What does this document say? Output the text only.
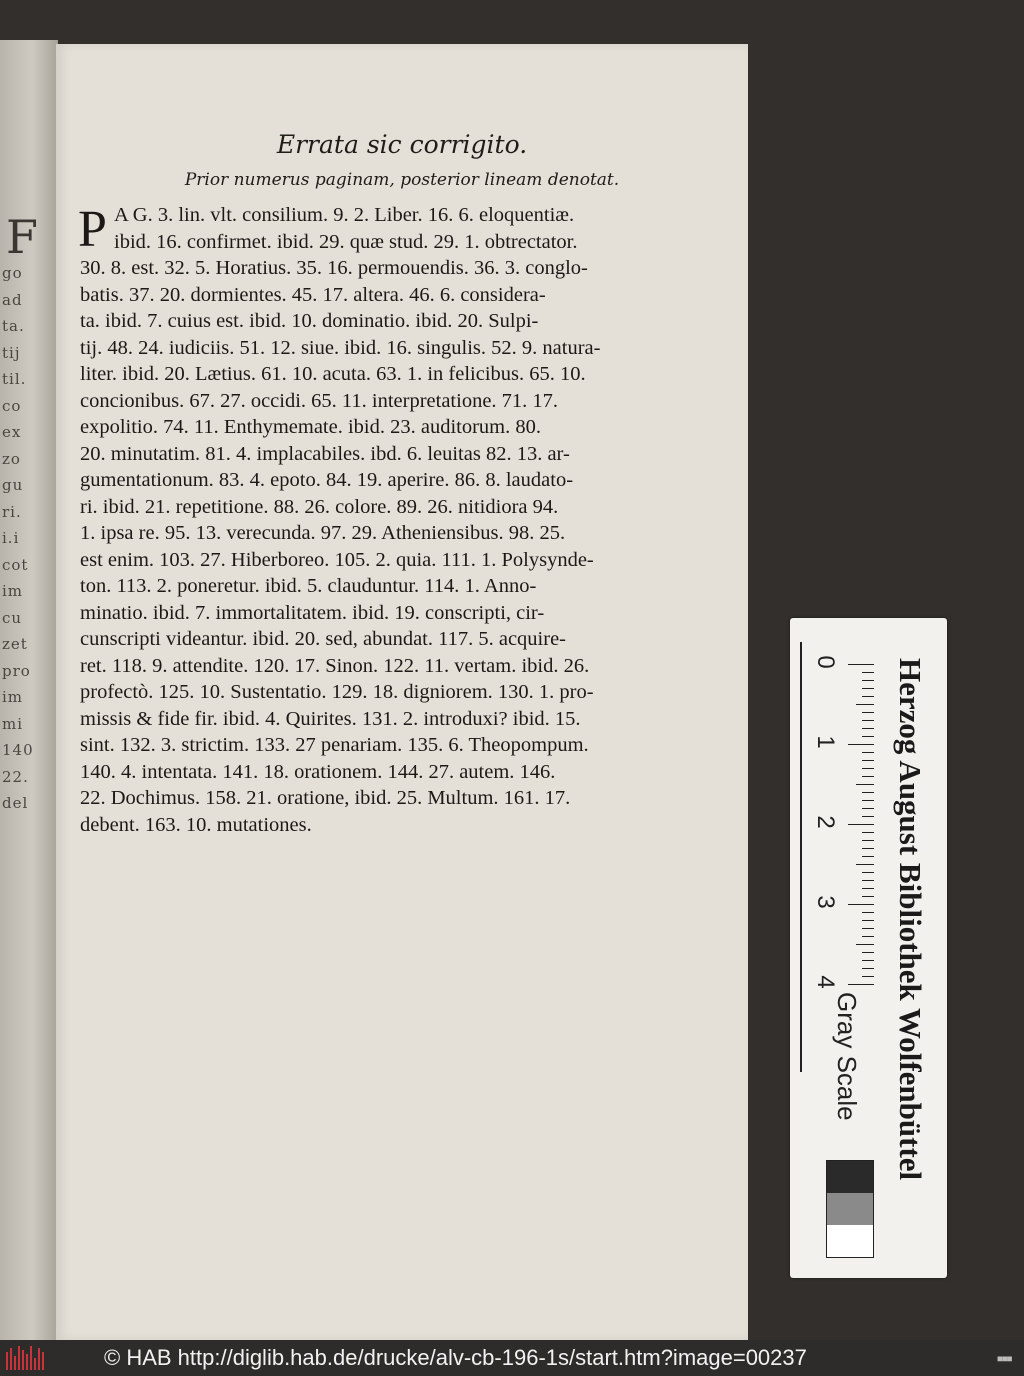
F
go
ad
ta.
tij
til.
co
ex
zo
gu
ri.
i.i
cot
im
cu
zet
pro
im
mi
140
22.
del
Errata sic corrigito.
Prior numerus paginam, posterior lineam denotat.
P A G. 3. lin. vlt. consilium. 9. 2. Liber. 16. 6. eloquentiæ.
ibid. 16. confirmet. ibid. 29. quæ stud. 29. 1. obtrectator.
30. 8. est. 32. 5. Horatius. 35. 16. permouendis. 36. 3. conglo-
batis. 37. 20. dormientes. 45. 17. altera. 46. 6. considera-
ta. ibid. 7. cuius est. ibid. 10. dominatio. ibid. 20. Sulpi-
tij. 48. 24. iudiciis. 51. 12. siue. ibid. 16. singulis. 52. 9. natura-
liter. ibid. 20. Lætius. 61. 10. acuta. 63. 1. in felicibus. 65. 10.
concionibus. 67. 27. occidi. 65. 11. interpretatione. 71. 17.
expolitio. 74. 11. Enthymemate. ibid. 23. auditorum. 80.
20. minutatim. 81. 4. implacabiles. ibd. 6. leuitas 82. 13. ar-
gumentationum. 83. 4. epoto. 84. 19. aperire. 86. 8. laudato-
ri. ibid. 21. repetitione. 88. 26. colore. 89. 26. nitidiora 94.
1. ipsa re. 95. 13. verecunda. 97. 29. Atheniensibus. 98. 25.
est enim. 103. 27. Hiberboreo. 105. 2. quia. 111. 1. Polysynde-
ton. 113. 2. poneretur. ibid. 5. clauduntur. 114. 1. Anno-
minatio. ibid. 7. immortalitatem. ibid. 19. conscripti, cir-
cunscripti videantur. ibid. 20. sed, abundat. 117. 5. acquire-
ret. 118. 9. attendite. 120. 17. Sinon. 122. 11. vertam. ibid. 26.
profectò. 125. 10. Sustentatio. 129. 18. digniorem. 130. 1. pro-
missis & fide fir. ibid. 4. Quirites. 131. 2. introduxi? ibid. 15.
sint. 132. 3. strictim. 133. 27 penariam. 135. 6. Theopompum.
140. 4. intentata. 141. 18. orationem. 144. 27. autem. 146.
22. Dochimus. 158. 21. oratione, ibid. 25. Multum. 161. 17.
debent. 163. 10. mutationes.
0
1
2
3
4 Herzog August Bibliothek Wolfenbüttel
Gray Scale
© HAB http://diglib.hab.de/drucke/alv-cb-196-1s/start.htm?image=00237	■■■
